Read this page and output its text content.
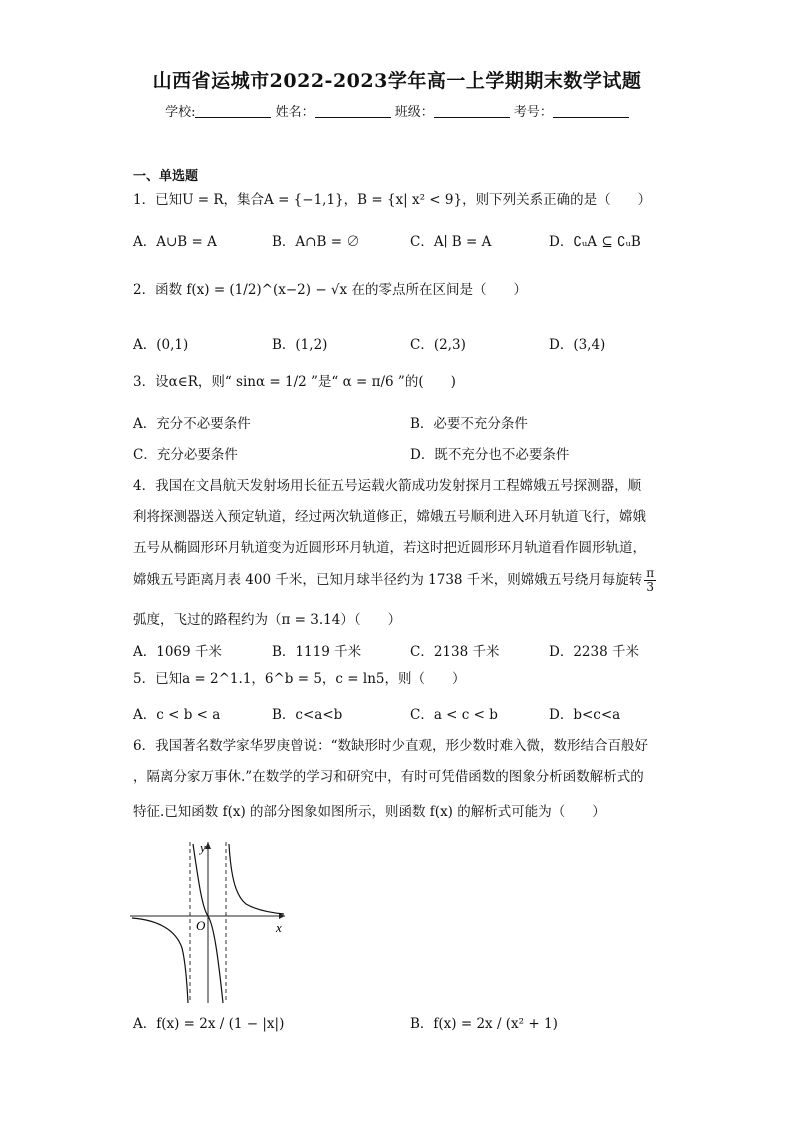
山西省运城市2022-2023学年高一上学期期末数学试题
学校:	姓名：	班级：	考号：
一、单选题
1．已知U = R，集合A = {−1,1}，B = {x| x² < 9}，则下列关系正确的是（　　）
A．A∪B = A	B．A∩B = ∅	C．A∣ B = A	D．∁ᵤA ⊆ ∁ᵤB
2．函数 f(x) = (1/2)^(x−2) − √x 在的零点所在区间是（　　）
A．(0,1)	B．(1,2)	C．(2,3)	D．(3,4)
3．设α∈R，则“ sinα = 1/2 ”是“ α = π/6 ”的(　　)
A．充分不必要条件	B．必要不充分条件
C．充分必要条件	D．既不充分也不必要条件
4．我国在文昌航天发射场用长征五号运载火箭成功发射探月工程嫦娥五号探测器，顺
利将探测器送入预定轨道，经过两次轨道修正，嫦娥五号顺利进入环月轨道飞行，嫦娥
五号从椭圆形环月轨道变为近圆形环月轨道，若这时把近圆形环月轨道看作圆形轨道，
嫦娥五号距离月表 400 千米，已知月球半径约为 1738 千米，则嫦娥五号绕月每旋转 $\frac{\pi}{3}$
弧度，飞过的路程约为（π = 3.14）（　　）
A．1069 千米	B．1119 千米	C．2138 千米	D．2238 千米
5．已知a = 2^1.1，6^b = 5，c = ln5，则（　　）
A．c < b < a	B．c<a<b	C．a < c < b	D．b<c<a
6．我国著名数学家华罗庚曾说：“数缺形时少直观，形少数时难入微，数形结合百般好
，隔离分家万事休.”在数学的学习和研究中，有时可凭借函数的图象分析函数解析式的
特征.已知函数 f(x) 的部分图象如图所示，则函数 f(x) 的解析式可能为（　　）
y
x
O
A．f(x) = 2x / (1 − |x|)	B．f(x) = 2x / (x² + 1)
